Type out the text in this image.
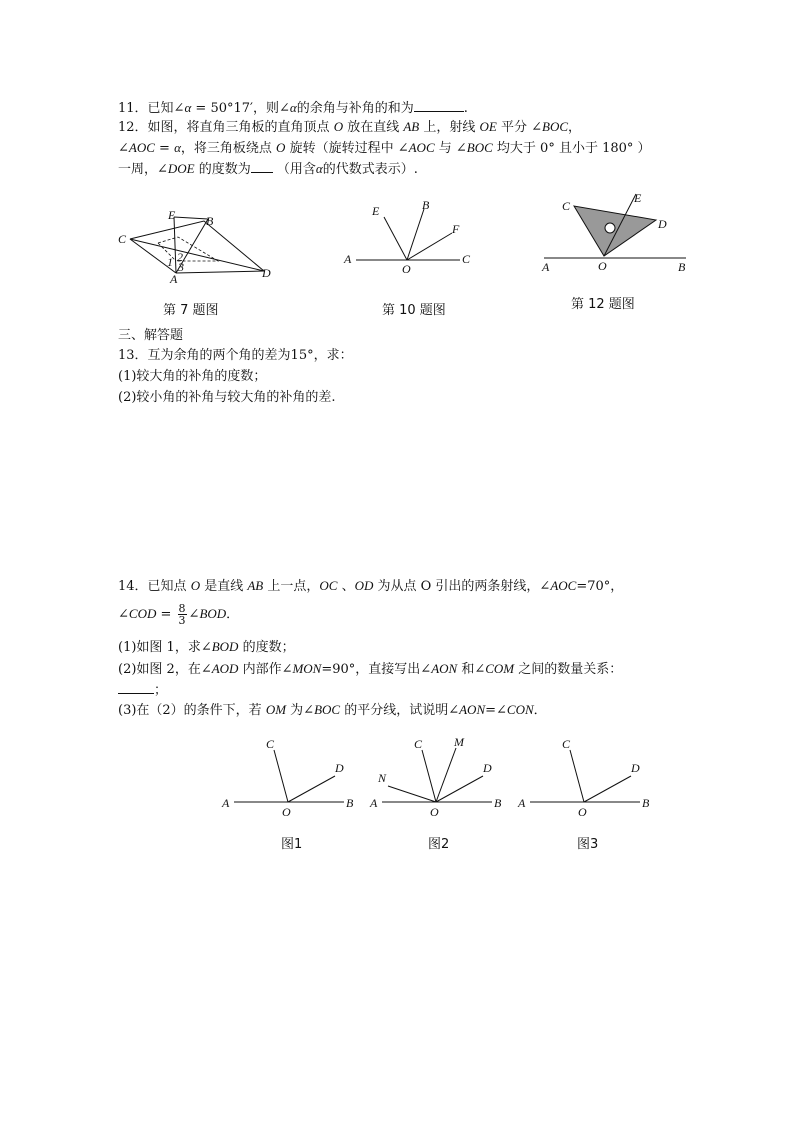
11．已知∠α = 50°17′，则∠α的余角与补角的和为	.
12．如图，将直角三角板的直角顶点 O 放在直线 AB 上，射线 OE 平分 ∠BOC，
∠AOC = α，将三角板绕点 O 旋转（旋转过程中 ∠AOC 与 ∠BOC 均大于 0° 且小于 180° ）
一周，∠DOE 的度数为 （用含α的代数式表示）.
E	B
C
1 2
3
A	D
第 7 题图
E	B
F
A
O
C
第 10 题图
C
E
D
A	O	B
第 12 题图
三、解答题
13．互为余角的两个角的差为15°，求：
(1)较大角的补角的度数；
(2)较小角的补角与较大角的补角的差.
14．已知点 O 是直线 AB 上一点，OC 、OD 为从点 O 引出的两条射线，∠AOC=70°，
∠COD = $\frac{8}{3}$ ∠BOD．
(1)如图 1，求∠BOD 的度数；
(2)如图 2，在∠AOD 内部作∠MON=90°，直接写出∠AON 和∠COM 之间的数量关系：
；
(3)在（2）的条件下，若 OM 为∠BOC 的平分线，试说明∠AON=∠CON．
C
D
A
O
B
图1
C	M
N
D
A
O
B
图2
C
D
A
O
B
图3
